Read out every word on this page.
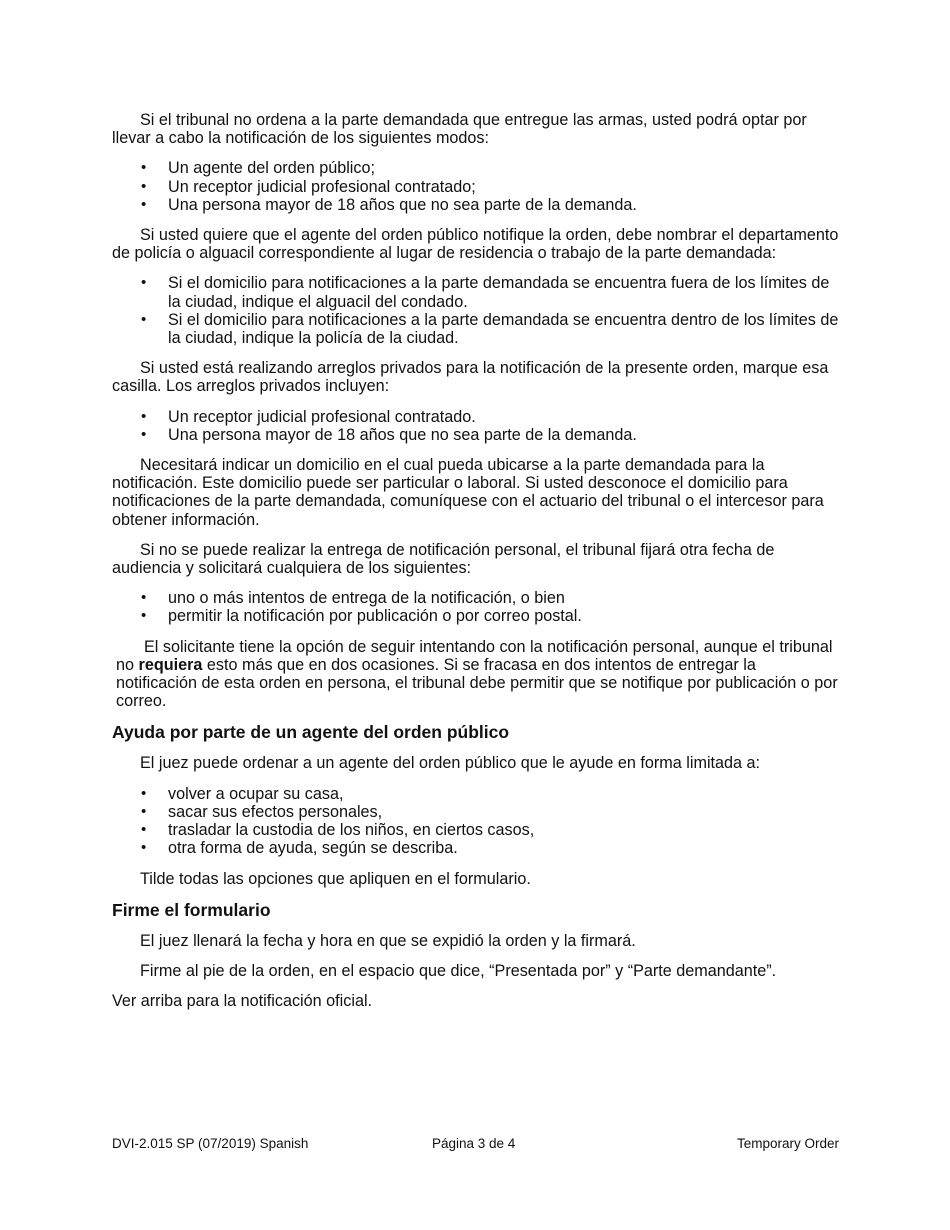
Si el tribunal no ordena a la parte demandada que entregue las armas, usted podrá optar por llevar a cabo la notificación de los siguientes modos:

• Un agente del orden público;
• Un receptor judicial profesional contratado;
• Una persona mayor de 18 años que no sea parte de la demanda.

Si usted quiere que el agente del orden público notifique la orden, debe nombrar el departamento de policía o alguacil correspondiente al lugar de residencia o trabajo de la parte demandada:

• Si el domicilio para notificaciones a la parte demandada se encuentra fuera de los límites de la ciudad, indique el alguacil del condado.
• Si el domicilio para notificaciones a la parte demandada se encuentra dentro de los límites de la ciudad, indique la policía de la ciudad.

Si usted está realizando arreglos privados para la notificación de la presente orden, marque esa casilla. Los arreglos privados incluyen:

• Un receptor judicial profesional contratado.
• Una persona mayor de 18 años que no sea parte de la demanda.

Necesitará indicar un domicilio en el cual pueda ubicarse a la parte demandada para la notificación. Este domicilio puede ser particular o laboral. Si usted desconoce el domicilio para notificaciones de la parte demandada, comuníquese con el actuario del tribunal o el intercesor para obtener información.

Si no se puede realizar la entrega de notificación personal, el tribunal fijará otra fecha de audiencia y solicitará cualquiera de los siguientes:

• uno o más intentos de entrega de la notificación, o bien
• permitir la notificación por publicación o por correo postal.

El solicitante tiene la opción de seguir intentando con la notificación personal, aunque el tribunal no requiera esto más que en dos ocasiones. Si se fracasa en dos intentos de entregar la notificación de esta orden en persona, el tribunal debe permitir que se notifique por publicación o por correo.

Ayuda por parte de un agente del orden público

El juez puede ordenar a un agente del orden público que le ayude en forma limitada a:

• volver a ocupar su casa,
• sacar sus efectos personales,
• trasladar la custodia de los niños, en ciertos casos,
• otra forma de ayuda, según se describa.

Tilde todas las opciones que apliquen en el formulario.

Firme el formulario

El juez llenará la fecha y hora en que se expidió la orden y la firmará.

Firme al pie de la orden, en el espacio que dice, “Presentada por” y “Parte demandante”.

Ver arriba para la notificación oficial.

DVI-2.015 SP (07/2019) Spanish	Página 3 de 4	Temporary Order
